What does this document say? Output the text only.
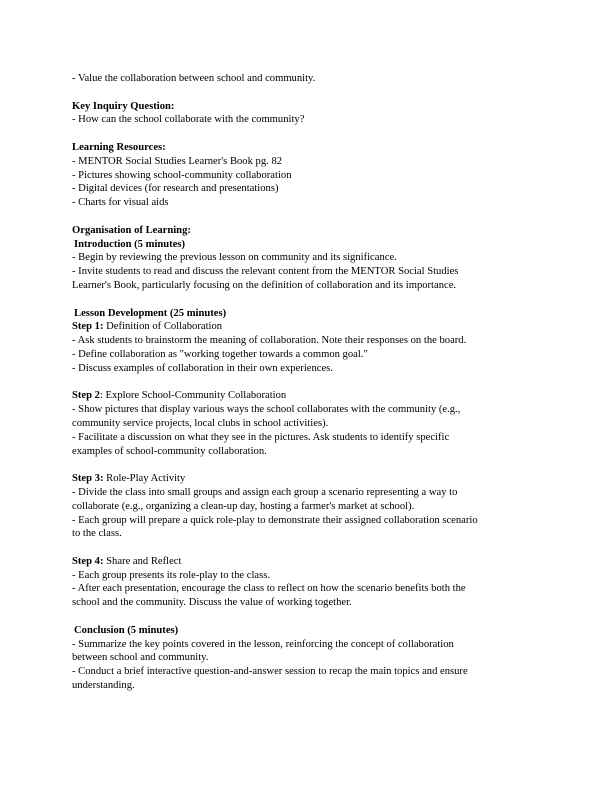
- Value the collaboration between school and community.
Key Inquiry Question:
- How can the school collaborate with the community?
Learning Resources:
- MENTOR Social Studies Learner's Book pg. 82
- Pictures showing school-community collaboration
- Digital devices (for research and presentations)
- Charts for visual aids
Organisation of Learning:
Introduction (5 minutes)
- Begin by reviewing the previous lesson on community and its significance.
- Invite students to read and discuss the relevant content from the MENTOR Social Studies
Learner's Book, particularly focusing on the definition of collaboration and its importance.
Lesson Development (25 minutes)
Step 1: Definition of Collaboration
- Ask students to brainstorm the meaning of collaboration. Note their responses on the board.
- Define collaboration as "working together towards a common goal."
- Discuss examples of collaboration in their own experiences.
Step 2: Explore School-Community Collaboration
- Show pictures that display various ways the school collaborates with the community (e.g.,
community service projects, local clubs in school activities).
- Facilitate a discussion on what they see in the pictures. Ask students to identify specific
examples of school-community collaboration.
Step 3: Role-Play Activity
- Divide the class into small groups and assign each group a scenario representing a way to
collaborate (e.g., organizing a clean-up day, hosting a farmer's market at school).
- Each group will prepare a quick role-play to demonstrate their assigned collaboration scenario
to the class.
Step 4: Share and Reflect
- Each group presents its role-play to the class.
- After each presentation, encourage the class to reflect on how the scenario benefits both the
school and the community. Discuss the value of working together.
Conclusion (5 minutes)
- Summarize the key points covered in the lesson, reinforcing the concept of collaboration
between school and community.
- Conduct a brief interactive question-and-answer session to recap the main topics and ensure
understanding.
